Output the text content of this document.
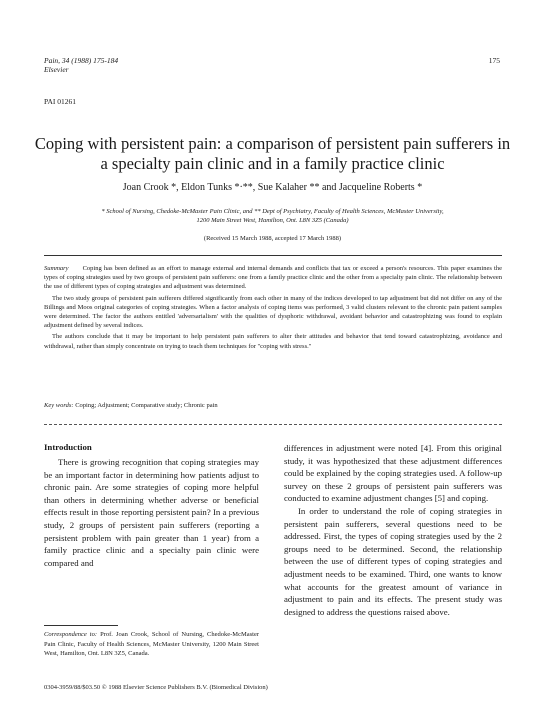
Pain, 34 (1988) 175-184
Elsevier
175
PAI 01261
Coping with persistent pain: a comparison of persistent pain sufferers in a specialty pain clinic and in a family practice clinic
Joan Crook *, Eldon Tunks *·**, Sue Kalaher ** and Jacqueline Roberts *
* School of Nursing, Chedoke-McMaster Pain Clinic, and ** Dept of Psychiatry, Faculty of Health Sciences, McMaster University,
1200 Main Street West, Hamilton, Ont. L8N 3Z5 (Canada)
(Received 15 March 1988, accepted 17 March 1988)

Summary Coping has been defined as an effort to manage external and internal demands and conflicts that tax or exceed a person's resources. This paper examines the types of coping strategies used by two groups of persistent pain sufferers: one from a family practice clinic and the other from a specialty pain clinic. The relationship between the use of different types of coping strategies and adjustment was determined.

The two study groups of persistent pain sufferers differed significantly from each other in many of the indices developed to tap adjustment but did not differ on any of the Billings and Moos original categories of coping strategies. When a factor analysis of coping items was performed, 3 valid clusters relevant to the chronic pain patient samples were determined. The factor the authors entitled 'adversarialism' with the qualities of dysphoric withdrawal, avoidant behavior and catastrophizing was found to explain adjustment defined by several indices.

The authors conclude that it may be important to help persistent pain sufferers to alter their attitudes and behavior that tend toward catastrophizing, avoidance and withdrawal, rather than simply concentrate on trying to teach them techniques for "coping with stress."

Key words: Coping; Adjustment; Comparative study; Chronic pain
Introduction

There is growing recognition that coping strategies may be an important factor in determining how patients adjust to chronic pain. Are some strategies of coping more helpful than others in determining whether adverse or beneficial effects result in those reporting persistent pain? In a previous study, 2 groups of persistent pain sufferers (reporting a persistent problem with pain greater than 1 year) from a family practice clinic and a specialty pain clinic were compared and

differences in adjustment were noted [4]. From this original study, it was hypothesized that these adjustment differences could be explained by the coping strategies used. A follow-up survey on these 2 groups of persistent pain sufferers was conducted to examine adjustment changes [5] and coping.

In order to understand the role of coping strategies in persistent pain sufferers, several questions need to be addressed. First, the types of coping strategies used by the 2 groups need to be determined. Second, the relationship between the use of different types of coping strategies and adjustment needs to be examined. Third, one wants to know what accounts for the greatest amount of variance in adjustment to pain and its effects. The present study was designed to address the questions raised above.

Correspondence to: Prof. Joan Crook, School of Nursing, Chedoke-McMaster Pain Clinic, Faculty of Health Sciences, McMaster University, 1200 Main Street West, Hamilton, Ont. L8N 3Z5, Canada.
0304-3959/88/$03.50 © 1988 Elsevier Science Publishers B.V. (Biomedical Division)
